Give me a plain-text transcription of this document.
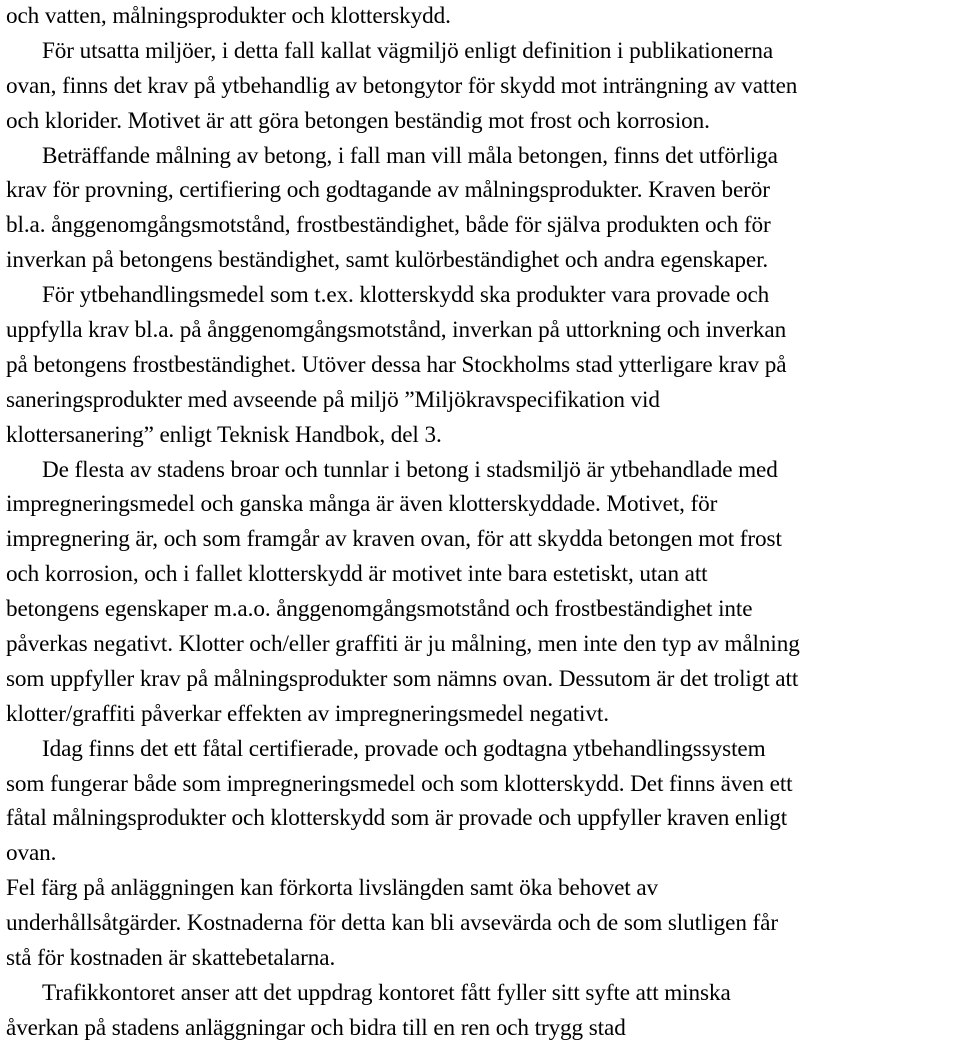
och vatten, målningsprodukter och klotterskydd.
För utsatta miljöer, i detta fall kallat vägmiljö enligt definition i publikationerna
ovan, finns det krav på ytbehandlig av betongytor för skydd mot inträngning av vatten
och klorider. Motivet är att göra betongen beständig mot frost och korrosion.
Beträffande målning av betong, i fall man vill måla betongen, finns det utförliga
krav för provning, certifiering och godtagande av målningsprodukter. Kraven berör
bl.a. ånggenomgångsmotstånd, frostbeständighet, både för själva produkten och för
inverkan på betongens beständighet, samt kulörbeständighet och andra egenskaper.
För ytbehandlingsmedel som t.ex. klotterskydd ska produkter vara provade och
uppfylla krav bl.a. på ånggenomgångsmotstånd, inverkan på uttorkning och inverkan
på betongens frostbeständighet. Utöver dessa har Stockholms stad ytterligare krav på
saneringsprodukter med avseende på miljö ”Miljökravspecifikation vid
klottersanering” enligt Teknisk Handbok, del 3.
De flesta av stadens broar och tunnlar i betong i stadsmiljö är ytbehandlade med
impregneringsmedel och ganska många är även klotterskyddade. Motivet, för
impregnering är, och som framgår av kraven ovan, för att skydda betongen mot frost
och korrosion, och i fallet klotterskydd är motivet inte bara estetiskt, utan att
betongens egenskaper m.a.o. ånggenomgångsmotstånd och frostbeständighet inte
påverkas negativt. Klotter och/eller graffiti är ju målning, men inte den typ av målning
som uppfyller krav på målningsprodukter som nämns ovan. Dessutom är det troligt att
klotter/graffiti påverkar effekten av impregneringsmedel negativt.
Idag finns det ett fåtal certifierade, provade och godtagna ytbehandlingssystem
som fungerar både som impregneringsmedel och som klotterskydd. Det finns även ett
fåtal målningsprodukter och klotterskydd som är provade och uppfyller kraven enligt
ovan.
Fel färg på anläggningen kan förkorta livslängden samt öka behovet av
underhållsåtgärder. Kostnaderna för detta kan bli avsevärda och de som slutligen får
stå för kostnaden är skattebetalarna.
Trafikkontoret anser att det uppdrag kontoret fått fyller sitt syfte att minska
åverkan på stadens anläggningar och bidra till en ren och trygg stad
